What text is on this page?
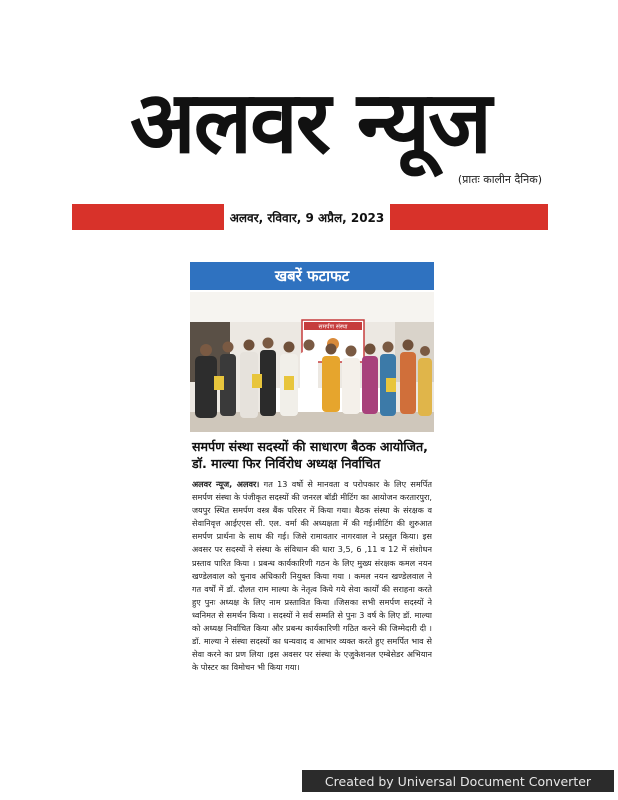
अलवर न्यूज
(प्रातः कालीन दैनिक)
अलवर, रविवार, 9 अप्रैल, 2023
खबरें फटाफट
समर्पण संस्था
समर्पण संस्था सदस्यों की साधारण बैठक आयोजित,
डॉ. माल्या फिर निर्विरोध अध्यक्ष निर्वाचित
अलवर न्यूज, अलवर। गत 13 वर्षो से मानवता व परोपकार के लिए समर्पित समर्पण संस्था के पंजीकृत सदस्यों की जनरल बॉडी मीटिंग का आयोजन करतारपुरा, जयपुर स्थित समर्पण वस्त्र बैंक परिसर में किया गया। बैठक संस्था के संरक्षक व सेवानिवृत्त आईएएस सी. एल. वर्मा की अध्यक्षता में की गई।मीटिंग की शुरुआत समर्पण प्रार्थना के साथ की गई। जिसे रामावतार नागरवाल ने प्रस्तुत किया। इस अवसर पर सदस्यों ने संस्था के संविधान की धारा 3,5, 6 ,11 व 12 में संशोधन प्रस्ताव पारित किया । प्रबन्ध कार्यकारिणी गठन के लिए मुख्य संरक्षक कमल नयन खण्डेलवाल को चुनाव अधिकारी नियुक्त किया गया । कमल नयन खण्डेलवाल ने गत वर्षों में डॉ. दौलत राम माल्या के नेतृत्व किये गये सेवा कार्यों की सराहना करते हुए पुनः अध्यक्ष के लिए नाम प्रस्तावित किया ।जिसका सभी समर्पण सदस्यों ने ध्वनिमत से समर्थन किया । सदस्यों ने सर्व सम्मति से पुनः 3 वर्ष के लिए डॉ. माल्या को अध्यक्ष निर्वाचित किया और प्रबन्ध कार्यकारिणी गठित करने की जिम्मेदारी दी । डॉ. माल्या ने संस्था सदस्यों का धन्यवाद व आभार व्यक्त करते हुए समर्पित भाव से सेवा करने का प्रण लिया ।इस अवसर पर संस्था के एजुकेशनल एम्बेसेडर अभियान के पोस्टर का विमोचन भी किया गया।
Created by Universal Document Converter
